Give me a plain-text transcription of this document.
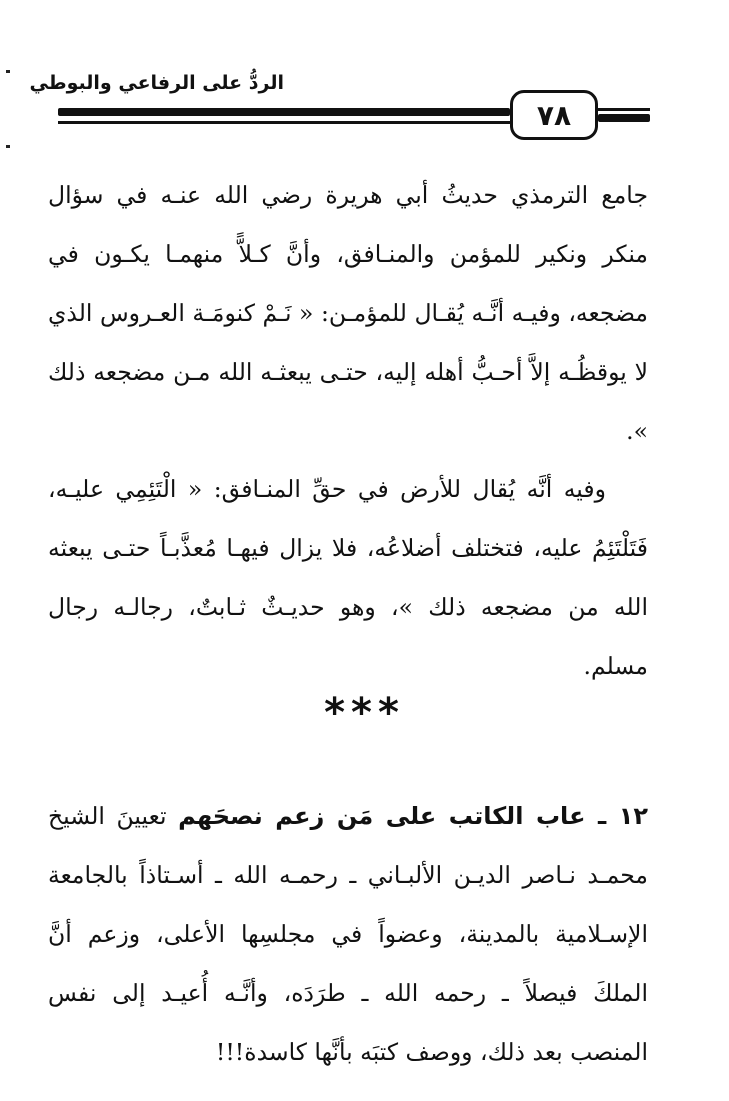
الردُّ على الرفاعي والبوطي
٧٨

جامع الترمذي حديثُ أبي هريرة رضي الله عنـه في سؤال منكر ونكير للمؤمن والمنـافق، وأنَّ كـلاًّ منهمـا يكـون في مضجعه، وفيـه أنَّـه يُقـال للمؤمـن: « نَـمْ كنومَـة العـروس الذي لا يوقظُـه إلاَّ أحـبُّ أهله إليه، حتـى يبعثـه الله مـن مضجعه ذلك ».

وفيه أنَّه يُقال للأرض في حقِّ المنـافق: « الْتَئِمِي عليـه، فَتَلْتَئِمُ عليه، فتختلف أضلاعُه، فلا يزال فيهـا مُعذَّبـاً حتـى يبعثه الله من مضجعه ذلك »، وهو حديـثٌ ثـابتٌ، رجالـه رجال مسلم.

***

١٢ ـ عاب الكاتب على مَن زعم نصحَهم تعيينَ الشيخ محمـد نـاصر الديـن الألبـاني ـ رحمـه الله ـ أسـتاذاً بالجامعة الإسـلامية بالمدينة، وعضواً في مجلسِها الأعلى، وزعم أنَّ الملكَ فيصلاً ـ رحمه الله ـ طرَدَه، وأنَّـه أُعيـد إلى نفس المنصب بعد ذلك، ووصف كتبَه بأنَّها كاسدة!!!
